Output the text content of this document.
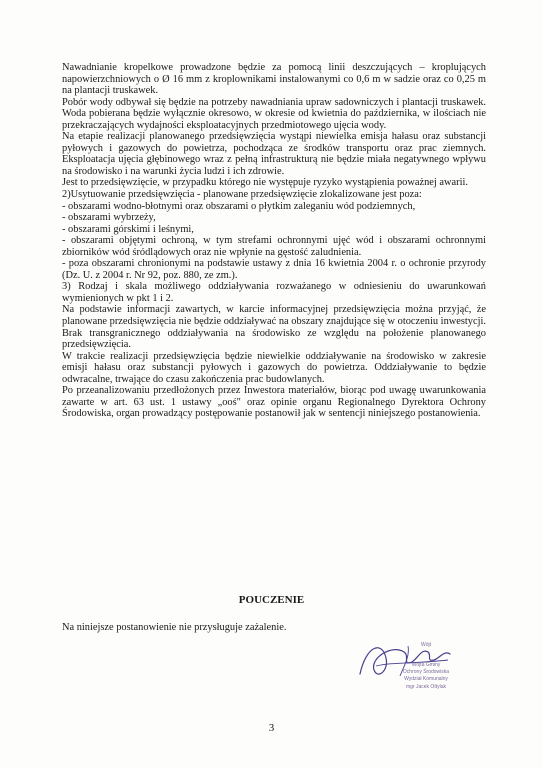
Nawadnianie kropelkowe prowadzone będzie za pomocą linii deszczujących – kroplujących napowierzchniowych o Ø 16 mm z kroplownikami instalowanymi co 0,6 m w sadzie oraz co 0,25 m na plantacji truskawek.

Pobór wody odbywał się będzie na potrzeby nawadniania upraw sadowniczych i plantacji truskawek. Woda pobierana będzie wyłącznie okresowo, w okresie od kwietnia do października, w ilościach nie przekraczających wydajności eksploatacyjnych przedmiotowego ujęcia wody.

Na etapie realizacji planowanego przedsięwzięcia wystąpi niewielka emisja hałasu oraz substancji pyłowych i gazowych do powietrza, pochodząca ze środków transportu oraz prac ziemnych. Eksploatacja ujęcia głębinowego wraz z pełną infrastrukturą nie będzie miała negatywnego wpływu na środowisko i na warunki życia ludzi i ich zdrowie.

Jest to przedsięwzięcie, w przypadku którego nie występuje ryzyko wystąpienia poważnej awarii.

2)Usytuowanie przedsięwzięcia - planowane przedsięwzięcie zlokalizowane jest poza:

- obszarami wodno-błotnymi oraz obszarami o płytkim zaleganiu wód podziemnych,

- obszarami wybrzeży,

- obszarami górskimi i leśnymi,

- obszarami objętymi ochroną, w tym strefami ochronnymi ujęć wód i obszarami ochronnymi zbiorników wód śródlądowych oraz nie wpłynie na gęstość zaludnienia.

- poza obszarami chronionymi na podstawie ustawy z dnia 16 kwietnia 2004 r. o ochronie przyrody (Dz. U. z 2004 r. Nr 92, poz. 880, ze zm.).

3) Rodzaj i skala możliwego oddziaływania rozważanego w odniesieniu do uwarunkowań wymienionych w pkt 1 i 2.

Na podstawie informacji zawartych, w karcie informacyjnej przedsięwzięcia można przyjąć, że planowane przedsięwzięcia nie będzie oddziaływać na obszary znajdujące się w otoczeniu inwestycji. Brak transgranicznego oddziaływania na środowisko ze względu na położenie planowanego przedsięwzięcia.

W trakcie realizacji przedsięwzięcia będzie niewielkie oddziaływanie na środowisko w zakresie emisji hałasu oraz substancji pyłowych i gazowych do powietrza. Oddziaływanie to będzie odwracalne, trwające do czasu zakończenia prac budowlanych.

Po przeanalizowaniu przedłożonych przez Inwestora materiałów, biorąc pod uwagę uwarunkowania zawarte w art. 63 ust. 1 ustawy „ooś" oraz opinie organu Regionalnego Dyrektora Ochrony Środowiska, organ prowadzący postępowanie postanowił jak w sentencji niniejszego postanowienia.

POUCZENIE
Na niniejsze postanowienie nie przysługuje zażalenie.
Wójt
Wójta Gminy
Ochrony Środowiska
Wydział Komunalny
mgr Jacek Ottylak
3
